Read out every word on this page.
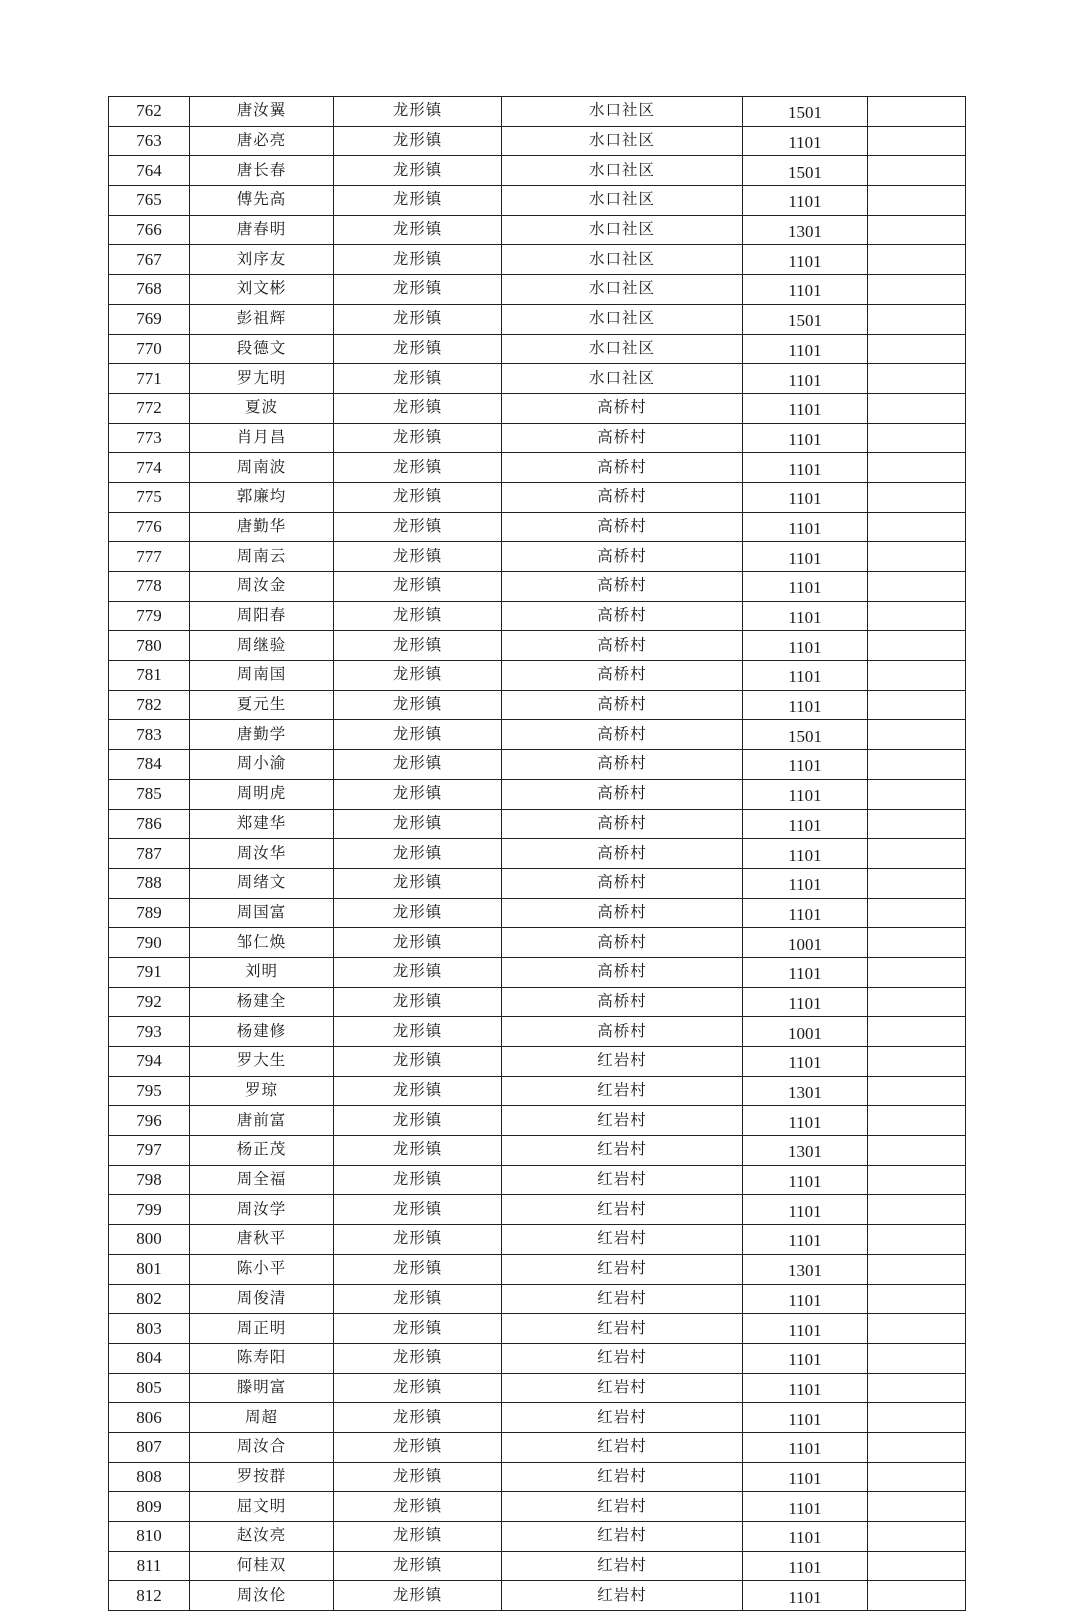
762	唐汝翼	龙形镇	水口社区	1501	
763	唐必亮	龙形镇	水口社区	1101	
764	唐长春	龙形镇	水口社区	1501	
765	傅先高	龙形镇	水口社区	1101	
766	唐春明	龙形镇	水口社区	1301	
767	刘序友	龙形镇	水口社区	1101	
768	刘文彬	龙形镇	水口社区	1101	
769	彭祖辉	龙形镇	水口社区	1501	
770	段德文	龙形镇	水口社区	1101	
771	罗尢明	龙形镇	水口社区	1101	
772	夏波	龙形镇	高桥村	1101	
773	肖月昌	龙形镇	高桥村	1101	
774	周南波	龙形镇	高桥村	1101	
775	郭廉均	龙形镇	高桥村	1101	
776	唐勤华	龙形镇	高桥村	1101	
777	周南云	龙形镇	高桥村	1101	
778	周汝金	龙形镇	高桥村	1101	
779	周阳春	龙形镇	高桥村	1101	
780	周继验	龙形镇	高桥村	1101	
781	周南国	龙形镇	高桥村	1101	
782	夏元生	龙形镇	高桥村	1101	
783	唐勤学	龙形镇	高桥村	1501	
784	周小渝	龙形镇	高桥村	1101	
785	周明虎	龙形镇	高桥村	1101	
786	郑建华	龙形镇	高桥村	1101	
787	周汝华	龙形镇	高桥村	1101	
788	周绪文	龙形镇	高桥村	1101	
789	周国富	龙形镇	高桥村	1101	
790	邹仁焕	龙形镇	高桥村	1001	
791	刘明	龙形镇	高桥村	1101	
792	杨建全	龙形镇	高桥村	1101	
793	杨建修	龙形镇	高桥村	1001	
794	罗大生	龙形镇	红岩村	1101	
795	罗琼	龙形镇	红岩村	1301	
796	唐前富	龙形镇	红岩村	1101	
797	杨正茂	龙形镇	红岩村	1301	
798	周全福	龙形镇	红岩村	1101	
799	周汝学	龙形镇	红岩村	1101	
800	唐秋平	龙形镇	红岩村	1101	
801	陈小平	龙形镇	红岩村	1301	
802	周俊清	龙形镇	红岩村	1101	
803	周正明	龙形镇	红岩村	1101	
804	陈寿阳	龙形镇	红岩村	1101	
805	滕明富	龙形镇	红岩村	1101	
806	周超	龙形镇	红岩村	1101	
807	周汝合	龙形镇	红岩村	1101	
808	罗按群	龙形镇	红岩村	1101	
809	屈文明	龙形镇	红岩村	1101	
810	赵汝亮	龙形镇	红岩村	1101	
811	何桂双	龙形镇	红岩村	1101	
812	周汝伦	龙形镇	红岩村	1101	
